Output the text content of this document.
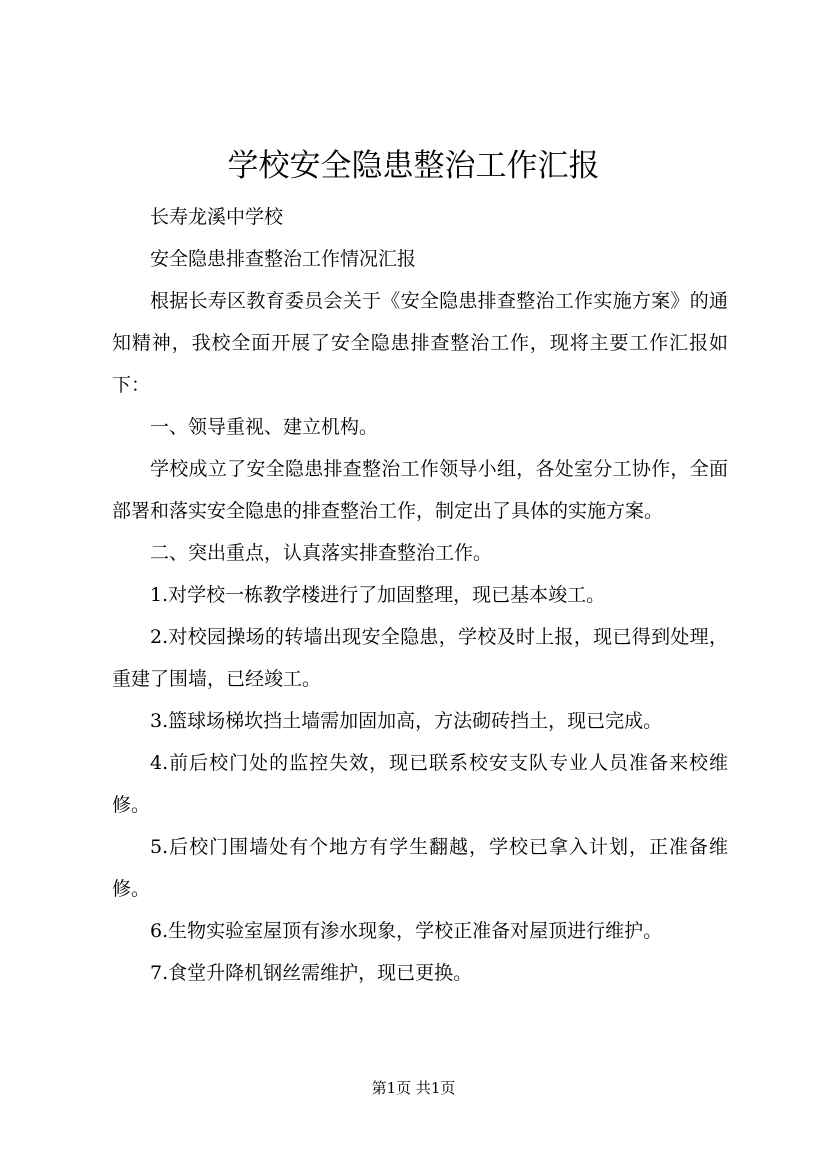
学校安全隐患整治工作汇报

长寿龙溪中学校

安全隐患排查整治工作情况汇报

根据长寿区教育委员会关于《安全隐患排查整治工作实施方案》的通知精神，我校全面开展了安全隐患排查整治工作，现将主要工作汇报如下：

一、领导重视、建立机构。

学校成立了安全隐患排查整治工作领导小组，各处室分工协作，全面部署和落实安全隐患的排查整治工作，制定出了具体的实施方案。

二、突出重点，认真落实排查整治工作。

1.对学校一栋教学楼进行了加固整理，现已基本竣工。

2.对校园操场的转墙出现安全隐患，学校及时上报，现已得到处理，重建了围墙，已经竣工。

3.篮球场梯坎挡土墙需加固加高，方法砌砖挡土，现已完成。

4.前后校门处的监控失效，现已联系校安支队专业人员准备来校维修。

5.后校门围墙处有个地方有学生翻越，学校已拿入计划，正准备维修。

6.生物实验室屋顶有渗水现象，学校正准备对屋顶进行维护。

7.食堂升降机钢丝需维护，现已更换。

第1页 共1页
